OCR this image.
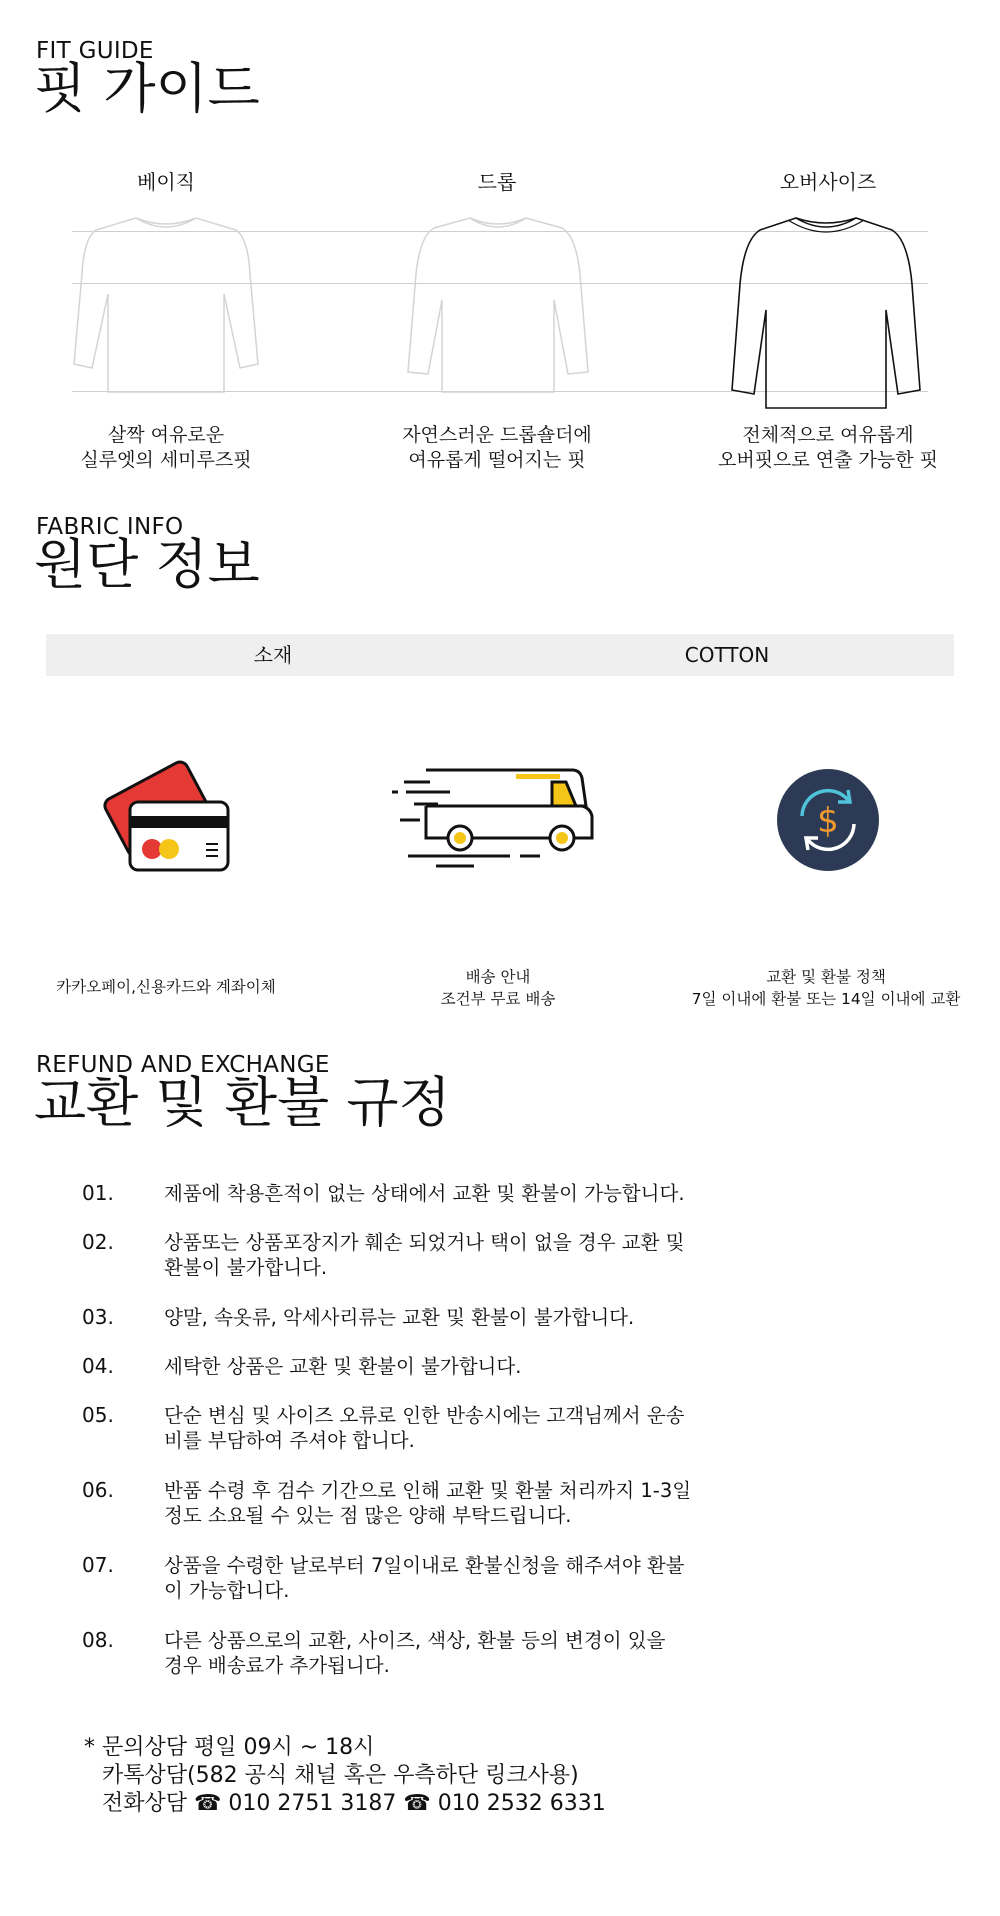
FIT GUIDE
핏 가이드
베이직	드롭	오버사이즈
살짝 여유로운
실루엣의 세미루즈핏
자연스러운 드롭숄더에
여유롭게 떨어지는 핏
전체적으로 여유롭게
오버핏으로 연출 가능한 핏
FABRIC INFO
원단 정보
소재	COTTON
$
카카오페이,신용카드와 계좌이체
배송 안내
조건부 무료 배송
교환 및 환불 정책
7일 이내에 환불 또는 14일 이내에 교환
REFUND AND EXCHANGE
교환 및 환불 규정
01.	제품에 착용흔적이 없는 상태에서 교환 및 환불이 가능합니다.
02.	상품또는 상품포장지가 훼손 되었거나 택이 없을 경우 교환 및
환불이 불가합니다.
03.	양말, 속옷류, 악세사리류는 교환 및 환불이 불가합니다.
04.	세탁한 상품은 교환 및 환불이 불가합니다.
05.	단순 변심 및 사이즈 오류로 인한 반송시에는 고객님께서 운송
비를 부담하여 주셔야 합니다.
06.	반품 수령 후 검수 기간으로 인해 교환 및 환불 처리까지 1-3일
정도 소요될 수 있는 점 많은 양해 부탁드립니다.
07.	상품을 수령한 날로부터 7일이내로 환불신청을 해주셔야 환불
이 가능합니다.
08.	다른 상품으로의 교환, 사이즈, 색상, 환불 등의 변경이 있을
경우 배송료가 추가됩니다.
* 문의상담 평일 09시 ~ 18시
카톡상담(582 공식 채널 혹은 우측하단 링크사용)
전화상담 ☎ 010 2751 3187 ☎ 010 2532 6331
